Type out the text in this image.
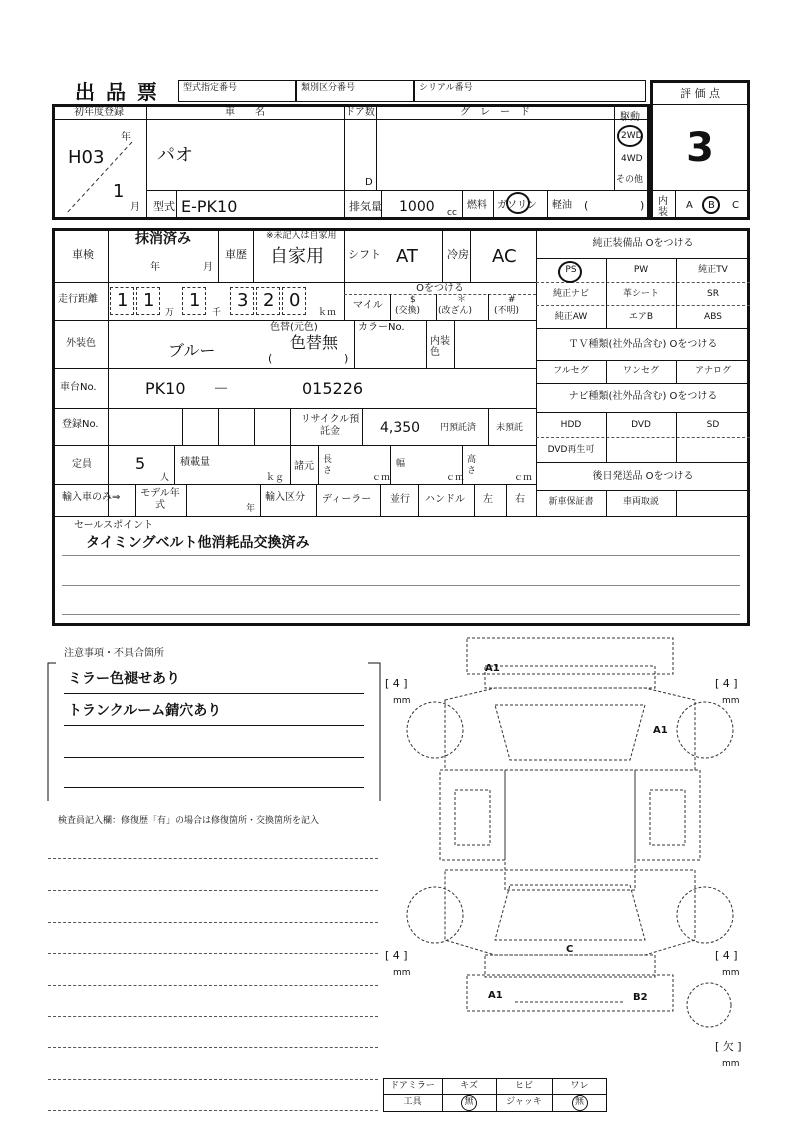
出 品 票	型式指定番号	類別区分番号	シリアル番号	評 価 点
3
内装
A B C
初年度登録
H03
年
1
月
車　　名
パオ
ドア数
D
グ　レ　ー　ド	駆動
2WD
4WD
その他
型式 E-PK10	排気量 1000 cc
燃料 ガソリン 軽油 (	)
車検
抹消済み
年	月
車歴
※未記入は自家用
自家用 シフト AT	冷房 AC
純正装備品 Oをつける
PS	PW	純正TV
純正ナビ	革シート	SR
純正AW	エアB	ABS
ＴＶ種類(社外品含む) Oをつける
フルセグ	ワンセグ	アナログ
ナビ種類(社外品含む) Oをつける
HDD	DVD	SD
DVD再生可
後日発送品 Oをつける
新車保証書	車両取説
走行距離 1 1
万
1
千
3 2 0
ｋｍ
Oをつける
マイル	$
(交換)
＊
(改ざん)
#
(不明)
外装色	ブルー
色替(元色)
色替無
(	)
カラーNo.
内装色
車台No.	PK10 －	015226
登録No.	リサイクル預託金	4,350 円預託済 未預託
定員	5
人
積載量
ｋｇ
諸元
長さ
ｃｍ
幅
ｃｍ
高さ
ｃｍ
輸入車のみ⇒ モデル年式	年
輸入区分 ディーラー 並行 ハンドル 左 右
セールスポイント
タイミングベルト他消耗品交換済み
注意事項・不具合箇所
ミラー色褪せあり
トランクルーム錆穴あり
検査員記入欄：修復歴「有」の場合は修復箇所・交換箇所を記入
A1
A1
C
A1	B2
[ 4 ]
mm
[ 4 ]
mm
[ 4 ]
mm
[ 4 ]
mm
[ 欠 ]
mm
ドアミラー	キズ	ヒビ	ワレ
工具	無	ジャッキ	無
